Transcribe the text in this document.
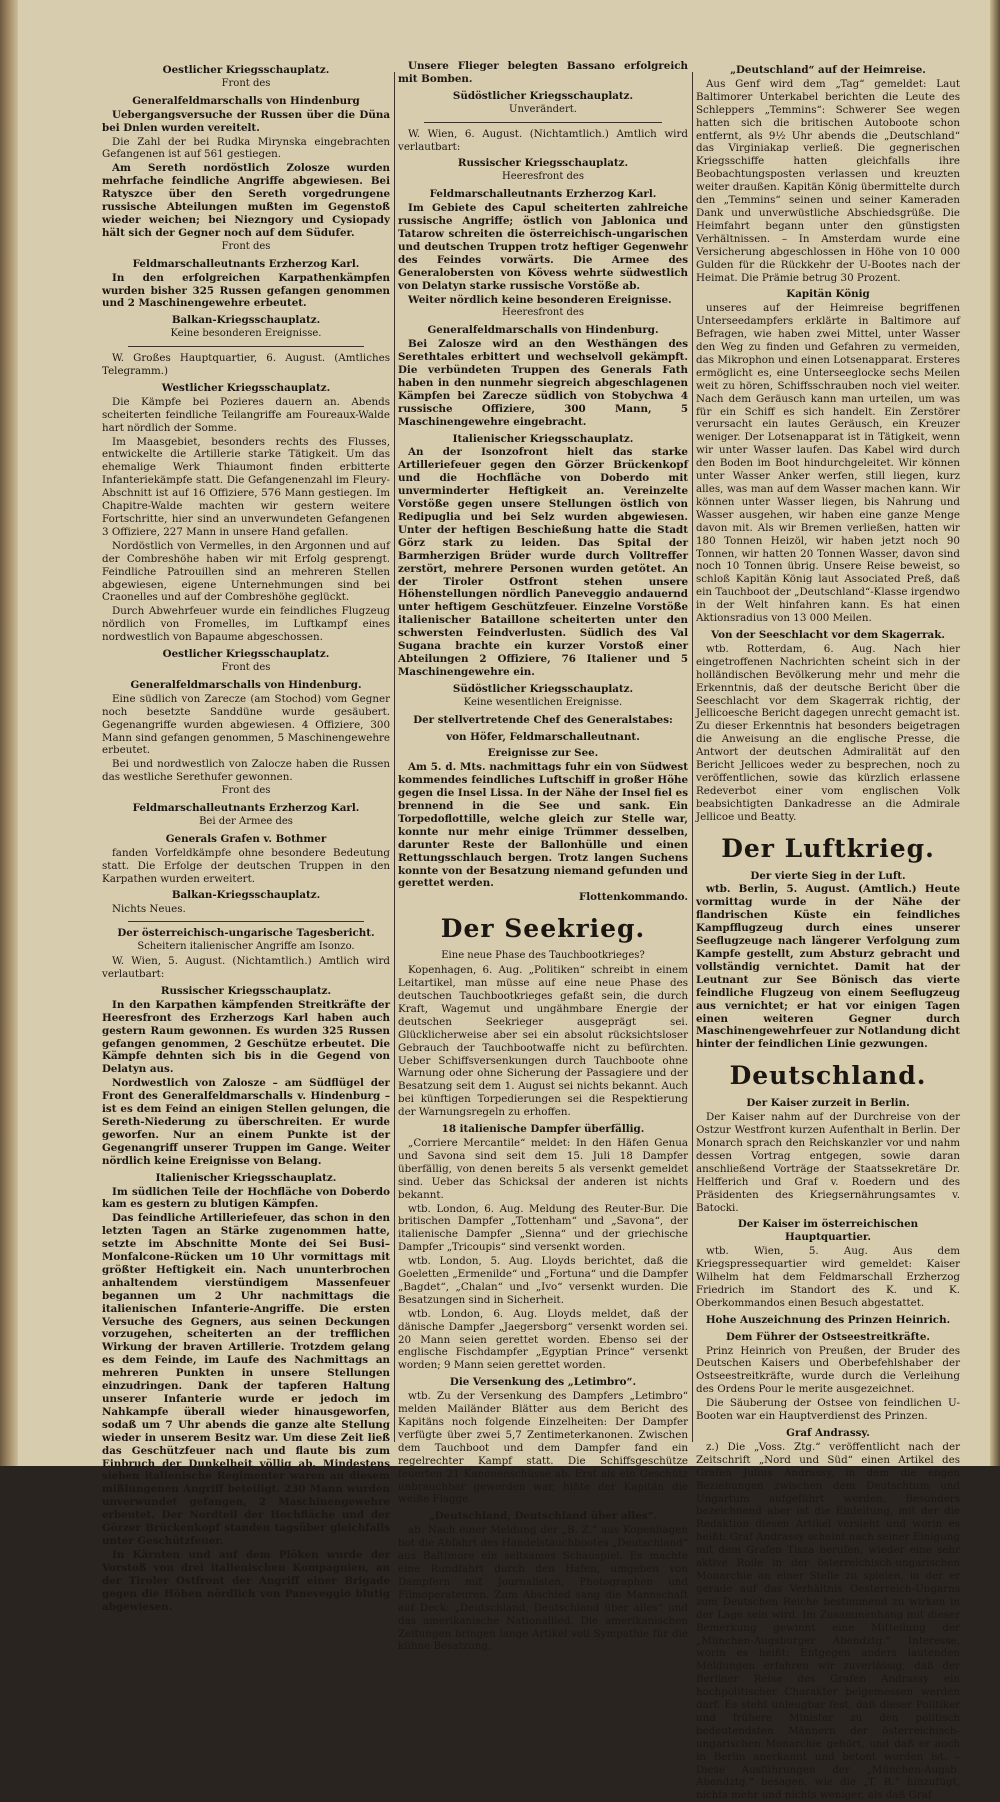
Oestlicher Kriegsschauplatz.
Front des
Generalfeldmarschalls von Hindenburg

Uebergangsversuche der Russen über die Düna bei Dnlen wurden vereitelt.

Die Zahl der bei Rudka Mirynska eingebrachten Gefangenen ist auf 561 gestiegen.

Am Sereth nordöstlich Zolosze wurden mehrfache feindliche Angriffe abgewiesen. Bei Ratyszce über den Sereth vorgedrungene russische Abteilungen mußten im Gegenstoß wieder weichen; bei Niezngory und Cysiopady hält sich der Gegner noch auf dem Südufer.

Front des
Feldmarschalleutnants Erzherzog Karl.

In den erfolgreichen Karpathenkämpfen wurden bisher 325 Russen gefangen genommen und 2 Maschinengewehre erbeutet.

Balkan-Kriegsschauplatz.
Keine besonderen Ereignisse.

W. Großes Hauptquartier, 6. August. (Amtliches Telegramm.)

Westlicher Kriegsschauplatz.

Die Kämpfe bei Pozieres dauern an. Abends scheiterten feindliche Teilangriffe am Foureaux-Walde hart nördlich der Somme.

Im Maasgebiet, besonders rechts des Flusses, entwickelte die Artillerie starke Tätigkeit. Um das ehemalige Werk Thiaumont finden erbitterte Infanteriekämpfe statt. Die Gefangenenzahl im Fleury-Abschnitt ist auf 16 Offiziere, 576 Mann gestiegen. Im Chapitre-Walde machten wir gestern weitere Fortschritte, hier sind an unverwundeten Gefangenen 3 Offiziere, 227 Mann in unsere Hand gefallen.

Nordöstlich von Vermelles, in den Argonnen und auf der Combreshöhe haben wir mit Erfolg gesprengt. Feindliche Patrouillen sind an mehreren Stellen abgewiesen, eigene Unternehmungen sind bei Craonelles und auf der Combreshöhe geglückt.

Durch Abwehrfeuer wurde ein feindliches Flugzeug nördlich von Fromelles, im Luftkampf eines nordwestlich von Bapaume abgeschossen.

Oestlicher Kriegsschauplatz.
Front des
Generalfeldmarschalls von Hindenburg.

Eine südlich von Zarecze (am Stochod) vom Gegner noch besetzte Sanddüne wurde gesäubert. Gegenangriffe wurden abgewiesen. 4 Offiziere, 300 Mann sind gefangen genommen, 5 Maschinengewehre erbeutet.

Bei und nordwestlich von Zalocze haben die Russen das westliche Serethufer gewonnen.

Front des
Feldmarschalleutnants Erzherzog Karl.
Bei der Armee des
Generals Grafen v. Bothmer

fanden Vorfeldkämpfe ohne besondere Bedeutung statt. Die Erfolge der deutschen Truppen in den Karpathen wurden erweitert.

Balkan-Kriegsschauplatz.

Nichts Neues.

Der österreichisch-ungarische Tagesbericht.
Scheitern italienischer Angriffe am Isonzo.

W. Wien, 5. August. (Nichtamtlich.) Amtlich wird verlautbart:

Russischer Kriegsschauplatz.

In den Karpathen kämpfenden Streitkräfte der Heeresfront des Erzherzogs Karl haben auch gestern Raum gewonnen. Es wurden 325 Russen gefangen genommen, 2 Geschütze erbeutet. Die Kämpfe dehnten sich bis in die Gegend von Delatyn aus.

Nordwestlich von Zalosze – am Südflügel der Front des Generalfeldmarschalls v. Hindenburg – ist es dem Feind an einigen Stellen gelungen, die Sereth-Niederung zu überschreiten. Er wurde geworfen. Nur an einem Punkte ist der Gegenangriff unserer Truppen im Gange. Weiter nördlich keine Ereignisse von Belang.

Italienischer Kriegsschauplatz.

Im südlichen Teile der Hochfläche von Doberdo kam es gestern zu blutigen Kämpfen.

Das feindliche Artilleriefeuer, das schon in den letzten Tagen an Stärke zugenommen hatte, setzte im Abschnitte Monte dei Sei Busi–Monfalcone-Rücken um 10 Uhr vormittags mit größter Heftigkeit ein. Nach ununterbrochen anhaltendem vierstündigem Massenfeuer begannen um 2 Uhr nachmittags die italienischen Infanterie-Angriffe. Die ersten Versuche des Gegners, aus seinen Deckungen vorzugehen, scheiterten an der trefflichen Wirkung der braven Artillerie. Trotzdem gelang es dem Feinde, im Laufe des Nachmittags an mehreren Punkten in unsere Stellungen einzudringen. Dank der tapferen Haltung unserer Infanterie wurde er jedoch im Nahkampfe überall wieder hinausgeworfen, sodaß um 7 Uhr abends die ganze alte Stellung wieder in unserem Besitz war. Um diese Zeit ließ das Geschützfeuer nach und flaute bis zum Einbruch der Dunkelheit völlig ab. Mindestens sieben italienische Regimenter waren an diesem mißlungenen Angriff beteiligt. 230 Mann wurden unverwundet gefangen, 2 Maschinengewehre erbeutet. Der Nordteil der Hochfläche und der Görzer Brückenkopf standen tagsüber gleichfalls unter Geschützfeuer.

In Kärnten und auf dem Plöken wurde der Vorstoß von drei italienischen Kompagnien, an der Tiroler Ostfront der Angriff einer Brigade gegen die Höhen nördlich von Paneveggio blutig abgewiesen.

Unsere Flieger belegten Bassano erfolgreich mit Bomben.

Südöstlicher Kriegsschauplatz.
Unverändert.

W. Wien, 6. August. (Nichtamtlich.) Amtlich wird verlautbart:

Russischer Kriegsschauplatz.
Heeresfront des
Feldmarschalleutnants Erzherzog Karl.

Im Gebiete des Capul scheiterten zahlreiche russische Angriffe; östlich von Jablonica und Tatarow schreiten die österreichisch-ungarischen und deutschen Truppen trotz heftiger Gegenwehr des Feindes vorwärts. Die Armee des Generalobersten von Kövess wehrte südwestlich von Delatyn starke russische Vorstöße ab.

Weiter nördlich keine besonderen Ereignisse.

Heeresfront des
Generalfeldmarschalls von Hindenburg.

Bei Zalosze wird an den Westhängen des Serethtales erbittert und wechselvoll gekämpft. Die verbündeten Truppen des Generals Fath haben in den nunmehr siegreich abgeschlagenen Kämpfen bei Zarecze südlich von Stobychwa 4 russische Offiziere, 300 Mann, 5 Maschinengewehre eingebracht.

Italienischer Kriegsschauplatz.

An der Isonzofront hielt das starke Artilleriefeuer gegen den Görzer Brückenkopf und die Hochfläche von Doberdo mit unverminderter Heftigkeit an. Vereinzelte Vorstöße gegen unsere Stellungen östlich von Redipuglia und bei Selz wurden abgewiesen. Unter der heftigen Beschießung hatte die Stadt Görz stark zu leiden. Das Spital der Barmherzigen Brüder wurde durch Volltreffer zerstört, mehrere Personen wurden getötet. An der Tiroler Ostfront stehen unsere Höhenstellungen nördlich Paneveggio andauernd unter heftigem Geschützfeuer. Einzelne Vorstöße italienischer Bataillone scheiterten unter den schwersten Feindverlusten. Südlich des Val Sugana brachte ein kurzer Vorstoß einer Abteilungen 2 Offiziere, 76 Italiener und 5 Maschinengewehre ein.

Südöstlicher Kriegsschauplatz.
Keine wesentlichen Ereignisse.
Der stellvertretende Chef des Generalstabes:
von Höfer, Feldmarschalleutnant.
Ereignisse zur See.

Am 5. d. Mts. nachmittags fuhr ein von Südwest kommendes feindliches Luftschiff in großer Höhe gegen die Insel Lissa. In der Nähe der Insel fiel es brennend in die See und sank. Ein Torpedoflottille, welche gleich zur Stelle war, konnte nur mehr einige Trümmer desselben, darunter Reste der Ballonhülle und einen Rettungsschlauch bergen. Trotz langen Suchens konnte von der Besatzung niemand gefunden und gerettet werden.

Flottenkommando.
Der Seekrieg.
Eine neue Phase des Tauchbootkrieges?

Kopenhagen, 6. Aug. „Politiken“ schreibt in einem Leitartikel, man müsse auf eine neue Phase des deutschen Tauchbootkrieges gefaßt sein, die durch Kraft, Wagemut und ungähmbare Energie der deutschen Seekrieger ausgeprägt sei. Glücklicherweise aber sei ein absolut rücksichtsloser Gebrauch der Tauchbootwaffe nicht zu befürchten. Ueber Schiffsversenkungen durch Tauchboote ohne Warnung oder ohne Sicherung der Passagiere und der Besatzung seit dem 1. August sei nichts bekannt. Auch bei künftigen Torpedierungen sei die Respektierung der Warnungsregeln zu erhoffen.

18 italienische Dampfer überfällig.

„Corriere Mercantile“ meldet: In den Häfen Genua und Savona sind seit dem 15. Juli 18 Dampfer überfällig, von denen bereits 5 als versenkt gemeldet sind. Ueber das Schicksal der anderen ist nichts bekannt.

wtb. London, 6. Aug. Meldung des Reuter-Bur. Die britischen Dampfer „Tottenham“ und „Savona“, der italienische Dampfer „Sienna“ und der griechische Dampfer „Tricoupis“ sind versenkt worden.

wtb. London, 5. Aug. Lloyds berichtet, daß die Goeletten „Ermenilde“ und „Fortuna“ und die Dampfer „Bagdet“, „Chalan“ und „Ivo“ versenkt wurden. Die Besatzungen sind in Sicherheit.

wtb. London, 6. Aug. Lloyds meldet, daß der dänische Dampfer „Jaegersborg“ versenkt worden sei. 20 Mann seien gerettet worden. Ebenso sei der englische Fischdampfer „Egyptian Prince“ versenkt worden; 9 Mann seien gerettet worden.

Die Versenkung des „Letimbro“.

wtb. Zu der Versenkung des Dampfers „Letimbro“ melden Mailänder Blätter aus dem Bericht des Kapitäns noch folgende Einzelheiten: Der Dampfer verfügte über zwei 5,7 Zentimeterkanonen. Zwischen dem Tauchboot und dem Dampfer fand ein regelrechter Kampf statt. Die Schiffsgeschütze feuerten 21 Kanonenschüsse ab. Erst als ein Geschütz unbrauchbar geworden war, hißte der Kapitän die weiße Flagge.

„Deutschland, Deutschland über alles“.

ab. Nach einer Meldung der „B. Z.“ aus Kopenhagen bot die Abfahrt des Handelstauchbootes „Deutschland“ aus Baltimore ein seltsames Schauspiel. Es machte eine Rundfahrt durch den Hafen, umgeben von Dampfern mit Journalisten, Photographen und Filmoperateuren. Zum Abschied sang die Mannschaft auf Deck: „Deutschland, Deutschland über alles“ und das amerikanische Nationallied. Die amerikanischen Zeitungen bringen lange Artikel voll Sympathie für die kühne Besatzung.

„Deutschland“ auf der Heimreise.

Aus Genf wird dem „Tag“ gemeldet: Laut Baltimorer Unterkabel berichten die Leute des Schleppers „Temmins“: Schwerer See wegen hatten sich die britischen Autoboote schon entfernt, als 9½ Uhr abends die „Deutschland“ das Virginiakap verließ. Die gegnerischen Kriegsschiffe hatten gleichfalls ihre Beobachtungsposten verlassen und kreuzten weiter draußen. Kapitän König übermittelte durch den „Temmins“ seinen und seiner Kameraden Dank und unverwüstliche Abschiedsgrüße. Die Heimfahrt begann unter den günstigsten Verhältnissen. – In Amsterdam wurde eine Versicherung abgeschlossen in Höhe von 10 000 Gulden für die Rückkehr der U-Bootes nach der Heimat. Die Prämie betrug 30 Prozent.

Kapitän König

unseres auf der Heimreise begriffenen Unterseedampfers erklärte in Baltimore auf Befragen, wie haben zwei Mittel, unter Wasser den Weg zu finden und Gefahren zu vermeiden, das Mikrophon und einen Lotsenapparat. Ersteres ermöglicht es, eine Unterseeglocke sechs Meilen weit zu hören, Schiffsschrauben noch viel weiter. Nach dem Geräusch kann man urteilen, um was für ein Schiff es sich handelt. Ein Zerstörer verursacht ein lautes Geräusch, ein Kreuzer weniger. Der Lotsenapparat ist in Tätigkeit, wenn wir unter Wasser laufen. Das Kabel wird durch den Boden im Boot hindurchgeleitet. Wir können unter Wasser Anker werfen, still liegen, kurz alles, was man auf dem Wasser machen kann. Wir können unter Wasser liegen, bis Nahrung und Wasser ausgehen, wir haben eine ganze Menge davon mit. Als wir Bremen verließen, hatten wir 180 Tonnen Heizöl, wir haben jetzt noch 90 Tonnen, wir hatten 20 Tonnen Wasser, davon sind noch 10 Tonnen übrig. Unsere Reise beweist, so schloß Kapitän König laut Associated Preß, daß ein Tauchboot der „Deutschland“-Klasse irgendwo in der Welt hinfahren kann. Es hat einen Aktionsradius von 13 000 Meilen.

Von der Seeschlacht vor dem Skagerrak.

wtb. Rotterdam, 6. Aug. Nach hier eingetroffenen Nachrichten scheint sich in der holländischen Bevölkerung mehr und mehr die Erkenntnis, daß der deutsche Bericht über die Seeschlacht vor dem Skagerrak richtig, der Jellicoesche Bericht dagegen unrecht gemacht ist. Zu dieser Erkenntnis hat besonders beigetragen die Anweisung an die englische Presse, die Antwort der deutschen Admiralität auf den Bericht Jellicoes weder zu besprechen, noch zu veröffentlichen, sowie das kürzlich erlassene Redeverbot einer vom englischen Volk beabsichtigten Dankadresse an die Admirale Jellicoe und Beatty.

Der Luftkrieg.
Der vierte Sieg in der Luft.

wtb. Berlin, 5. August. (Amtlich.) Heute vormittag wurde in der Nähe der flandrischen Küste ein feindliches Kampfflugzeug durch eines unserer Seeflugzeuge nach längerer Verfolgung zum Kampfe gestellt, zum Absturz gebracht und vollständig vernichtet. Damit hat der Leutnant zur See Bönisch das vierte feindliche Flugzeug von einem Seeflugzeug aus vernichtet; er hat vor einigen Tagen einen weiteren Gegner durch Maschinengewehrfeuer zur Notlandung dicht hinter der feindlichen Linie gezwungen.

Deutschland.
Der Kaiser zurzeit in Berlin.

Der Kaiser nahm auf der Durchreise von der Ostzur Westfront kurzen Aufenthalt in Berlin. Der Monarch sprach den Reichskanzler vor und nahm dessen Vortrag entgegen, sowie daran anschließend Vorträge der Staatssekretäre Dr. Helfferich und Graf v. Roedern und des Präsidenten des Kriegsernährungsamtes v. Batocki.

Der Kaiser im österreichischen Hauptquartier.

wtb. Wien, 5. Aug. Aus dem Kriegspressequartier wird gemeldet: Kaiser Wilhelm hat dem Feldmarschall Erzherzog Friedrich im Standort des K. und K. Oberkommandos einen Besuch abgestattet.

Hohe Auszeichnung des Prinzen Heinrich.
Dem Führer der Ostseestreitkräfte.

Prinz Heinrich von Preußen, der Bruder des Deutschen Kaisers und Oberbefehlshaber der Ostseestreitkräfte, wurde durch die Verleihung des Ordens Pour le merite ausgezeichnet.

Die Säuberung der Ostsee von feindlichen U-Booten war ein Hauptverdienst des Prinzen.

Graf Andrassy.

z.) Die „Voss. Ztg.“ veröffentlicht nach der Zeitschrift „Nord und Süd“ einen Artikel des Grafen Julius Andrassy, in dem die engen Beziehungen zwischen dem Deutschtum und Ungartum aufgeführt werden. Besonders bezeichnend aber ist die Einleitung, mit der die Redaktion diesen Artikel versieht und worin es heißt: Graf Andrassy scheint nach seiner Einigung mit dem Grafen Tisza berufen, wieder eine sehr aktive Rolle in der österreichisch-ungarischen Monarchie an einer Stelle zu spielen, in der er gerade auf das Verhältnis Oesterreich-Ungarns zum Deutschen Reiche bestimmend zu wirken in der Lage sein wird. Im Zusammenhang mit dieser Bemerkung gewinnt eine Mitteilung der „München-Augsburger Abendztg.“ Interesse, worin es heißt: Entgegen anders lautenden Meldungen erfahren wir zuverlässig, daß der Berliner Reise des Grafen Andrassy ein hochpolitischer Charakter beigemessen werden darf. Es steht unleugbar fest, daß dieser Politiker und frühere Minister zu den politisch bedeutendsten Männern der österreichisch-ungarischen Monarchie gehört, und daß er auch in Berlin anerkannt und betont worden ist. – Diese Ausführungen der „München-Augsb. Abendztg.“ besagen, wie die „T. R.“ hinzufügt, nichts mehr und nichts weniger, als daß Graf
